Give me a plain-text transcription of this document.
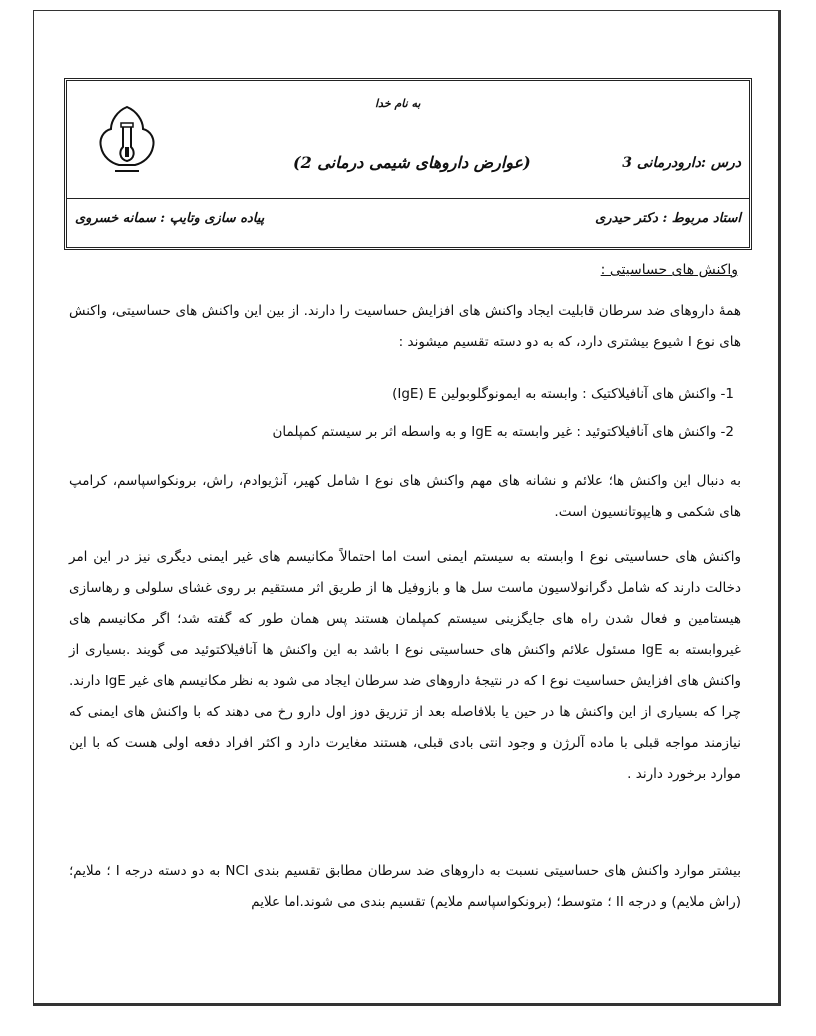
به نام خدا
(عوارض داروهای شیمی درمانی 2)	درس :دارودرمانی 3
استاد مربوط : دکتر حیدری
پیاده سازی وتایپ : سمانه خسروی
واکنش های حساسیتی :
همهٔ داروهای ضد سرطان قابلیت ایجاد واکنش های افزایش حساسیت را دارند. از بین این واکنش های حساسیتی، واکنش های نوع I شیوع بیشتری دارد، که به دو دسته تقسیم میشوند :
1- واکنش های آنافیلاکتیک : وابسته به ایمونوگلوبولین IgE) E)
2- واکنش های آنافیلاکتوئید : غیر وابسته به IgE و به واسطه اثر بر سیستم کمپلمان
به دنبال این واکنش ها؛ علائم و نشانه های مهم واکنش های نوع I شامل کهیر، آنژیوادم، راش، برونکواسپاسم، کرامپ های شکمی و هایپوتانسیون است.
واکنش های حساسیتی نوع I وابسته به سیستم ایمنی است اما احتمالاً مکانیسم های غیر ایمنی دیگری نیز در این امر دخالت دارند که شامل دگرانولاسیون ماست سل ها و بازوفیل ها از طریق اثر مستقیم بر روی غشای سلولی و رهاسازی هیستامین و فعال شدن راه های جایگزینی سیستم کمپلمان هستند پس همان طور که گفته شد؛ اگر مکانیسم های غیروابسته به IgE مسئول علائم واکنش های حساسیتی نوع I باشد به این واکنش ها آنافیلاکتوئید می گویند .بسیاری از واکنش های افزایش حساسیت نوع I که در نتیجهٔ داروهای ضد سرطان ایجاد می شود به نظر مکانیسم های غیر IgE دارند. چرا که بسیاری از این واکنش ها در حین یا بلافاصله بعد از تزریق دوز اول دارو رخ می دهند که با واکنش های ایمنی که نیازمند مواجه قبلی با ماده آلرژن و وجود انتی بادی قبلی، هستند مغایرت دارد و اکثر افراد دفعه اولی هست که با این موارد برخورد دارند .
بیشتر موارد واکنش های حساسیتی نسبت به داروهای ضد سرطان مطابق تقسیم بندی NCI به دو دسته درجه I ؛ ملایم؛ (راش ملایم) و درجه II ؛ متوسط؛ (برونکواسپاسم ملایم) تقسیم بندی می شوند.اما علایم
